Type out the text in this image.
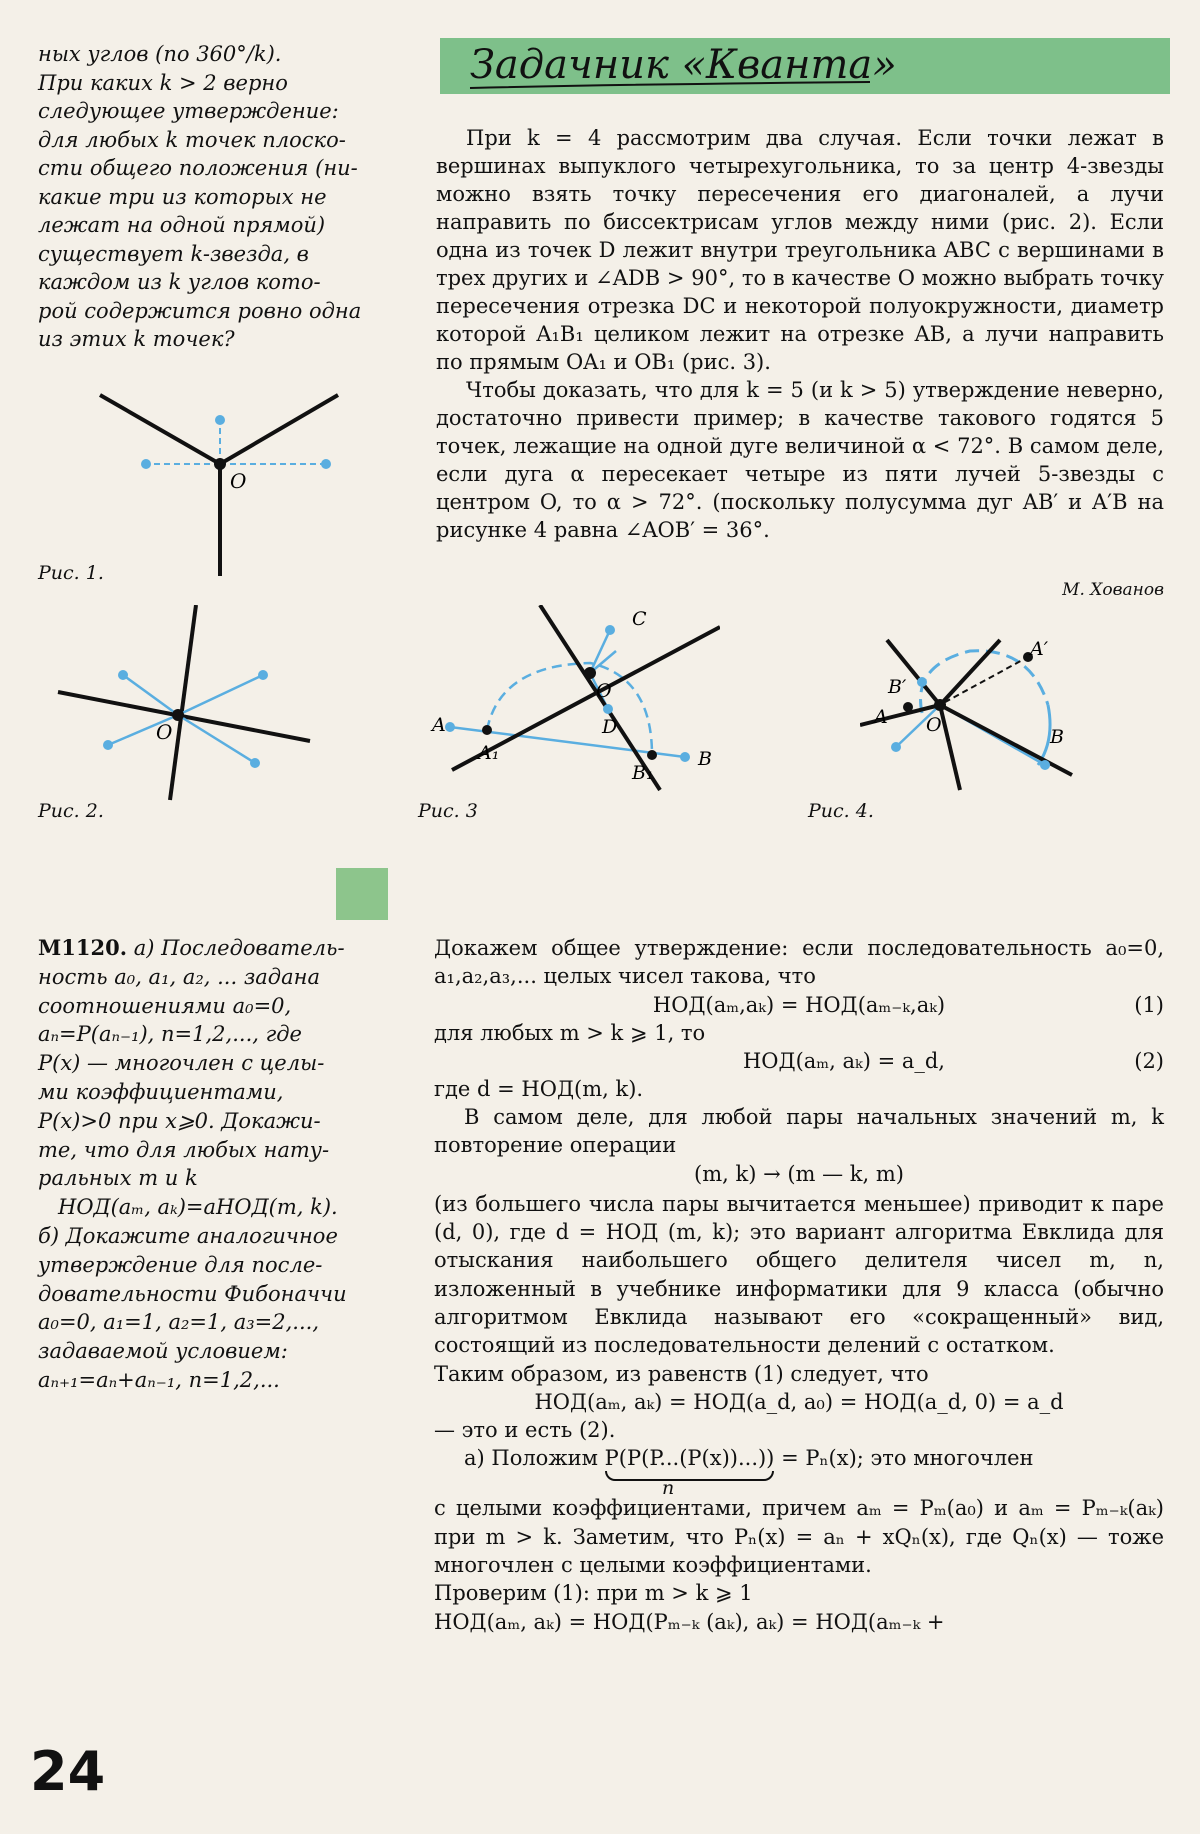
Задачник «Кванта»

ных углов (по 360°/k).

При каких k > 2 верно

следующее утверждение:

для любых k точек плоско-

сти общего положения (ни-

какие три из которых не

лежат на одной прямой)

существует k-звезда, в

каждом из k углов кото-

рой содержится ровно одна

из этих k точек?

При k = 4 рассмотрим два случая. Если точки лежат в вершинах выпуклого четырехугольника, то за центр 4-звезды можно взять точку пересечения его диагоналей, а лучи направить по биссектрисам углов между ними (рис. 2). Если одна из точек D лежит внутри треугольника ABC с вершинами в трех других и ∠ADB > 90°, то в качестве O можно выбрать точку пересечения отрезка DC и некоторой полуокружности, диаметр которой A₁B₁ целиком лежит на отрезке AB, а лучи направить по прямым OA₁ и OB₁ (рис. 3).

Чтобы доказать, что для k = 5 (и k > 5) утверждение неверно, достаточно привести пример; в качестве такового годятся 5 точек, лежащие на одной дуге величиной α < 72°. В самом деле, если дуга α пересекает четыре из пяти лучей 5-звезды с центром O, то α > 72°. (поскольку полусумма дуг AB′ и A′B на рисунке 4 равна ∠AOB′ = 36°.

М. Хованов
O
Рис. 1.
O
Рис. 2.
C
O
D
A
A₁
B₁
B
Рис. 3
A′
B′
A O
B
Рис. 4.

М1120. а) Последователь-

ность a₀, a₁, a₂, ... задана

соотношениями a₀=0,

aₙ=P(aₙ₋₁), n=1,2,..., где

P(x) — многочлен с целы-

ми коэффициентами,

P(x)>0 при x⩾0. Докажи-

те, что для любых нату-

ральных m и k

НОД(aₘ, aₖ)=aНОД(m, k).

б) Докажите аналогичное

утверждение для после-

довательности Фибоначчи

a₀=0, a₁=1, a₂=1, a₃=2,...,

задаваемой условием:

aₙ₊₁=aₙ+aₙ₋₁, n=1,2,...

Докажем общее утверждение: если последовательность a₀=0, a₁,a₂,a₃,... целых чисел такова, что

НОД(aₘ,aₖ) = НОД(aₘ₋ₖ,aₖ)	(1)

для любых m > k ⩾ 1, то

НОД(aₘ, aₖ) = a_d,	(2)

где d = НОД(m, k).

В самом деле, для любой пары начальных значений m, k повторение операции

(m, k) → (m — k, m)

(из большего числа пары вычитается меньшее) приводит к паре (d, 0), где d = НОД (m, k); это вариант алгоритма Евклида для отыскания наибольшего общего делителя чисел m, n, изложенный в учебнике информатики для 9 класса (обычно алгоритмом Евклида называют его «сокращенный» вид, состоящий из последовательности делений с остатком.

Таким образом, из равенств (1) следует, что

НОД(aₘ, aₖ) = НОД(a_d, a₀) = НОД(a_d, 0) = a_d

— это и есть (2).

а) Положим P(P(P...(P(x))...)) = Pₙ(x); это многочлен
n

с целыми коэффициентами, причем aₘ = Pₘ(a₀) и aₘ = Pₘ₋ₖ(aₖ) при m > k. Заметим, что Pₙ(x) = aₙ + xQₙ(x), где Qₙ(x) — тоже многочлен с целыми коэффициентами.

Проверим (1): при m > k ⩾ 1

НОД(aₘ, aₖ) = НОД(Pₘ₋ₖ (aₖ), aₖ) = НОД(aₘ₋ₖ +

24
